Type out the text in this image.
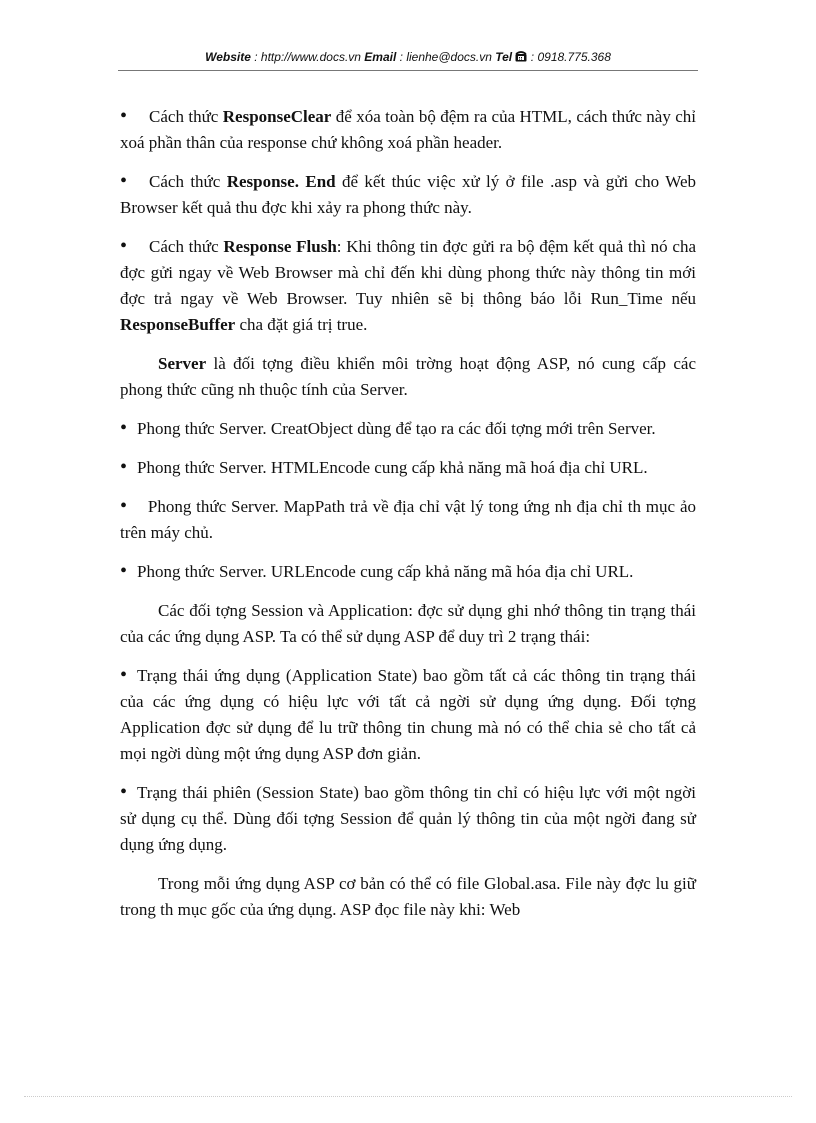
Website : http://www.docs.vn Email : lienhe@docs.vn Tel  : 0918.775.368

• Cách thức ResponseClear để xóa toàn bộ đệm ra của HTML, cách thức này chỉ xoá phần thân của response chứ không xoá phần header.

• Cách thức Response. End để kết thúc việc xử lý ở file .asp và gửi cho Web Browser kết quả thu đợc khi xảy ra phong thức này.

• Cách thức Response Flush: Khi thông tin đợc gửi ra bộ đệm kết quả thì nó cha đợc gửi ngay về Web Browser mà chỉ đến khi dùng phong thức này thông tin mới đợc trả ngay về Web Browser. Tuy nhiên sẽ bị thông báo lỗi Run_Time nếu ResponseBuffer cha đặt giá trị true.

Server là đối tợng điều khiển môi trờng hoạt động ASP, nó cung cấp các phong thức cũng nh thuộc tính của Server.

• Phong thức Server. CreatObject dùng để tạo ra các đối tợng mới trên Server.

• Phong thức Server. HTMLEncode cung cấp khả năng mã hoá địa chỉ URL.

• Phong thức Server. MapPath trả về địa chỉ vật lý tong ứng nh địa chỉ th mục ảo trên máy chủ.

• Phong thức Server. URLEncode cung cấp khả năng mã hóa địa chỉ URL.

Các đối tợng Session và Application: đợc sử dụng ghi nhớ thông tin trạng thái của các ứng dụng ASP. Ta có thể sử dụng ASP để duy trì 2 trạng thái:

• Trạng thái ứng dụng (Application State) bao gồm tất cả các thông tin trạng thái của các ứng dụng có hiệu lực với tất cả ngời sử dụng ứng dụng. Đối tợng Application đợc sử dụng để lu trữ thông tin chung mà nó có thể chia sẻ cho tất cả mọi ngời dùng một ứng dụng ASP đơn giản.

• Trạng thái phiên (Session State) bao gồm thông tin chỉ có hiệu lực với một ngời sử dụng cụ thể. Dùng đối tợng Session để quản lý thông tin của một ngời đang sử dụng ứng dụng.

Trong mỗi ứng dụng ASP cơ bản có thể có file Global.asa. File này đợc lu giữ trong th mục gốc của ứng dụng. ASP đọc file này khi: Web
